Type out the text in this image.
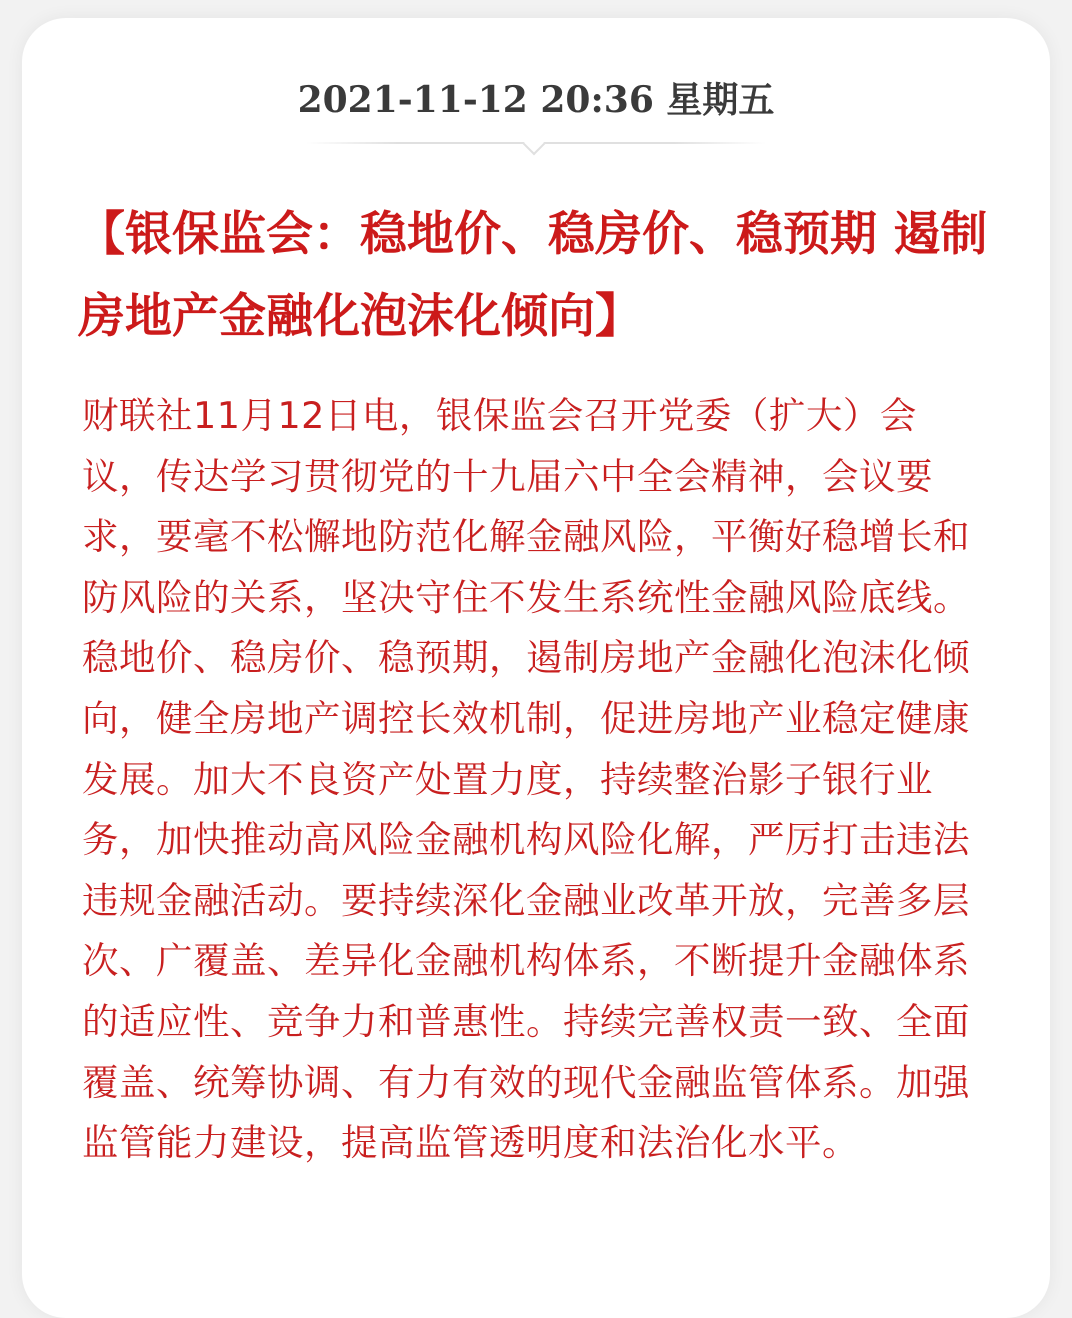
2021-11-12 20:36 星期五
【银保监会：稳地价、稳房价、稳预期 遏制房地产金融化泡沫化倾向】

财联社11月12日电，银保监会召开党委（扩大）会议，传达学习贯彻党的十九届六中全会精神，会议要求，要毫不松懈地防范化解金融风险，平衡好稳增长和防风险的关系，坚决守住不发生系统性金融风险底线。稳地价、稳房价、稳预期，遏制房地产金融化泡沫化倾向，健全房地产调控长效机制，促进房地产业稳定健康发展。加大不良资产处置力度，持续整治影子银行业务，加快推动高风险金融机构风险化解，严厉打击违法违规金融活动。要持续深化金融业改革开放，完善多层次、广覆盖、差异化金融机构体系，不断提升金融体系的适应性、竞争力和普惠性。持续完善权责一致、全面覆盖、统筹协调、有力有效的现代金融监管体系。加强监管能力建设，提高监管透明度和法治化水平。
